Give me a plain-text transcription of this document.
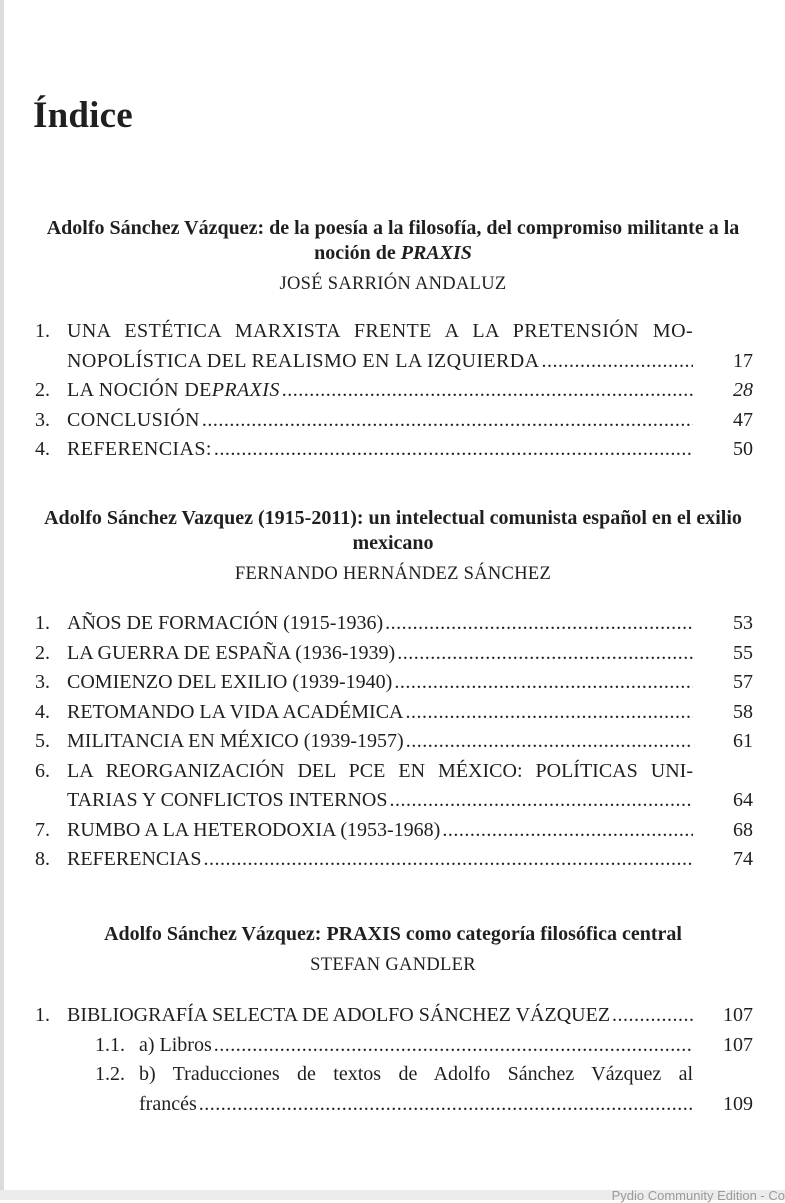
Índice
Adolfo Sánchez Vázquez: de la poesía a la filosofía, del compromiso militante a la noción de PRAXIS
JOSÉ SARRIÓN ANDALUZ
1. UNA ESTÉTICA MARXISTA FRENTE A LA PRETENSIÓN MO-
NOPOLÍSTICA DEL REALISMO EN LA IZQUIERDA .....	17
2. LA NOCIÓN DE PRAXIS .....	28
3. CONCLUSIÓN .....	47
4. REFERENCIAS: .....	50
Adolfo Sánchez Vazquez (1915-2011): un intelectual comunista español en el exilio mexicano
FERNANDO HERNÁNDEZ SÁNCHEZ
1. AÑOS DE FORMACIÓN (1915-1936) .....	53
2. LA GUERRA DE ESPAÑA (1936-1939) .....	55
3. COMIENZO DEL EXILIO (1939-1940) .....	57
4. RETOMANDO LA VIDA ACADÉMICA .....	58
5. MILITANCIA EN MÉXICO (1939-1957) .....	61
6. LA REORGANIZACIÓN DEL PCE EN MÉXICO: POLÍTICAS UNI-
TARIAS Y CONFLICTOS INTERNOS .....	64
7. RUMBO A LA HETERODOXIA (1953-1968) .....	68
8. REFERENCIAS .....	74
Adolfo Sánchez Vázquez: PRAXIS como categoría filosófica central
STEFAN GANDLER
1. BIBLIOGRAFÍA SELECTA DE ADOLFO SÁNCHEZ VÁZQUEZ .....	107
1.1. a) Libros .....	107
1.2. b) Traducciones de textos de Adolfo Sánchez Vázquez al
francés .....	109
Pydio Community Edition - Co
